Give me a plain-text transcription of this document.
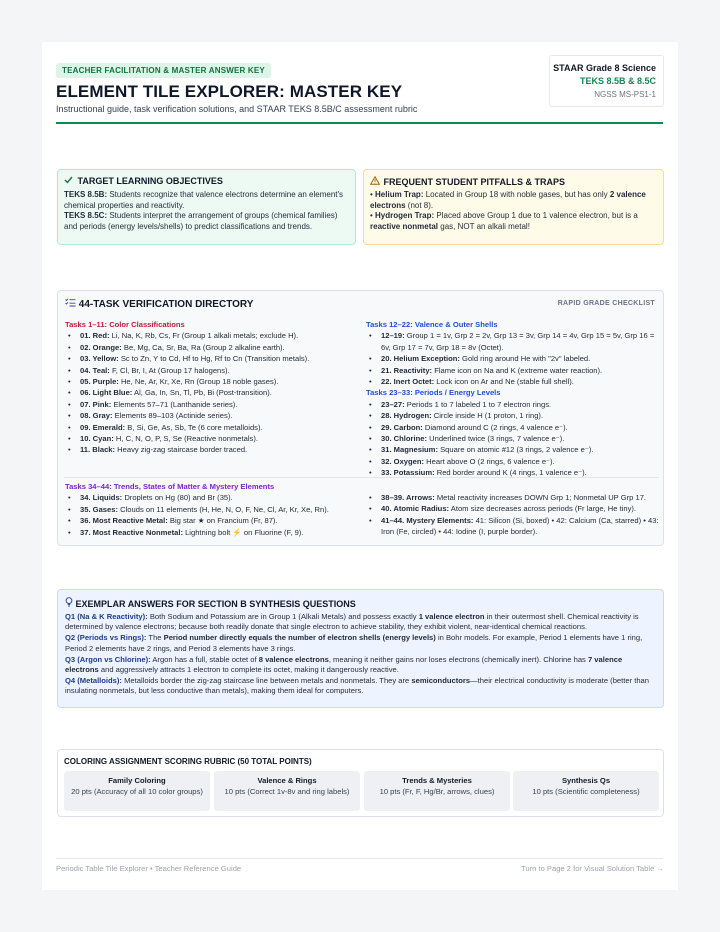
TEACHER FACILITATION & MASTER ANSWER KEY
ELEMENT TILE EXPLORER: MASTER KEY
Instructional guide, task verification solutions, and STAAR TEKS 8.5B/C assessment rubric
STAAR Grade 8 Science
TEKS 8.5B & 8.5C
NGSS MS-PS1-1
TARGET LEARNING OBJECTIVES
TEKS 8.5B: Students recognize that valence electrons determine an element's chemical properties and reactivity.
TEKS 8.5C: Students interpret the arrangement of groups (chemical families) and periods (energy levels/shells) to predict classifications and trends.
FREQUENT STUDENT PITFALLS & TRAPS
• Helium Trap: Located in Group 18 with noble gases, but has only 2 valence electrons (not 8).
• Hydrogen Trap: Placed above Group 1 due to 1 valence electron, but is a reactive nonmetal gas, NOT an alkali metal!
44-TASK VERIFICATION DIRECTORY	RAPID GRADE CHECKLIST
Tasks 1–11: Color Classifications
• 01. Red: Li, Na, K, Rb, Cs, Fr (Group 1 alkali metals; exclude H).
• 02. Orange: Be, Mg, Ca, Sr, Ba, Ra (Group 2 alkaline earth).
• 03. Yellow: Sc to Zn, Y to Cd, Hf to Hg, Rf to Cn (Transition metals).
• 04. Teal: F, Cl, Br, I, At (Group 17 halogens).
• 05. Purple: He, Ne, Ar, Kr, Xe, Rn (Group 18 noble gases).
• 06. Light Blue: Al, Ga, In, Sn, Tl, Pb, Bi (Post-transition).
• 07. Pink: Elements 57–71 (Lanthanide series).
• 08. Gray: Elements 89–103 (Actinide series).
• 09. Emerald: B, Si, Ge, As, Sb, Te (6 core metalloids).
• 10. Cyan: H, C, N, O, P, S, Se (Reactive nonmetals).
• 11. Black: Heavy zig-zag staircase border traced.
Tasks 12–22: Valence & Outer Shells
• 12–19: Group 1 = 1v, Grp 2 = 2v, Grp 13 = 3v, Grp 14 = 4v, Grp 15 = 5v, Grp 16 = 6v, Grp 17 = 7v, Grp 18 = 8v (Octet).
• 20. Helium Exception: Gold ring around He with "2v" labeled.
• 21. Reactivity: Flame icon on Na and K (extreme water reaction).
• 22. Inert Octet: Lock icon on Ar and Ne (stable full shell).
Tasks 23–33: Periods / Energy Levels
• 23–27: Periods 1 to 7 labeled 1 to 7 electron rings.
• 28. Hydrogen: Circle inside H (1 proton, 1 ring).
• 29. Carbon: Diamond around C (2 rings, 4 valence e⁻).
• 30. Chlorine: Underlined twice (3 rings, 7 valence e⁻).
• 31. Magnesium: Square on atomic #12 (3 rings, 2 valence e⁻).
• 32. Oxygen: Heart above O (2 rings, 6 valence e⁻).
• 33. Potassium: Red border around K (4 rings, 1 valence e⁻).
Tasks 34–44: Trends, States of Matter & Mystery Elements
• 34. Liquids: Droplets on Hg (80) and Br (35).
• 35. Gases: Clouds on 11 elements (H, He, N, O, F, Ne, Cl, Ar, Kr, Xe, Rn).
• 36. Most Reactive Metal: Big star ★ on Francium (Fr, 87).
• 37. Most Reactive Nonmetal: Lightning bolt ⚡ on Fluorine (F, 9).
• 38–39. Arrows: Metal reactivity increases DOWN Grp 1; Nonmetal UP Grp 17.
• 40. Atomic Radius: Atom size decreases across periods (Fr large, He tiny).
• 41–44. Mystery Elements: 41: Silicon (Si, boxed) • 42: Calcium (Ca, starred) • 43: Iron (Fe, circled) • 44: Iodine (I, purple border).
EXEMPLAR ANSWERS FOR SECTION B SYNTHESIS QUESTIONS

Q1 (Na & K Reactivity): Both Sodium and Potassium are in Group 1 (Alkali Metals) and possess exactly 1 valence electron in their outermost shell. Chemical reactivity is determined by valence electrons; because both readily donate that single electron to achieve stability, they exhibit violent, near-identical chemical reactions.

Q2 (Periods vs Rings): The Period number directly equals the number of electron shells (energy levels) in Bohr models. For example, Period 1 elements have 1 ring, Period 2 elements have 2 rings, and Period 3 elements have 3 rings.

Q3 (Argon vs Chlorine): Argon has a full, stable octet of 8 valence electrons, meaning it neither gains nor loses electrons (chemically inert). Chlorine has 7 valence electrons and aggressively attracts 1 electron to complete its octet, making it dangerously reactive.

Q4 (Metalloids): Metalloids border the zig-zag staircase line between metals and nonmetals. They are semiconductors—their electrical conductivity is moderate (better than insulating nonmetals, but less conductive than metals), making them ideal for computers.

COLORING ASSIGNMENT SCORING RUBRIC (50 TOTAL POINTS)
Family Coloring
20 pts (Accuracy of all 10 color groups)
Valence & Rings
10 pts (Correct 1v-8v and ring labels)
Trends & Mysteries
10 pts (Fr, F, Hg/Br, arrows, clues)
Synthesis Qs
10 pts (Scientific completeness)
Periodic Table Tile Explorer • Teacher Reference Guide	Turn to Page 2 for Visual Solution Table →
